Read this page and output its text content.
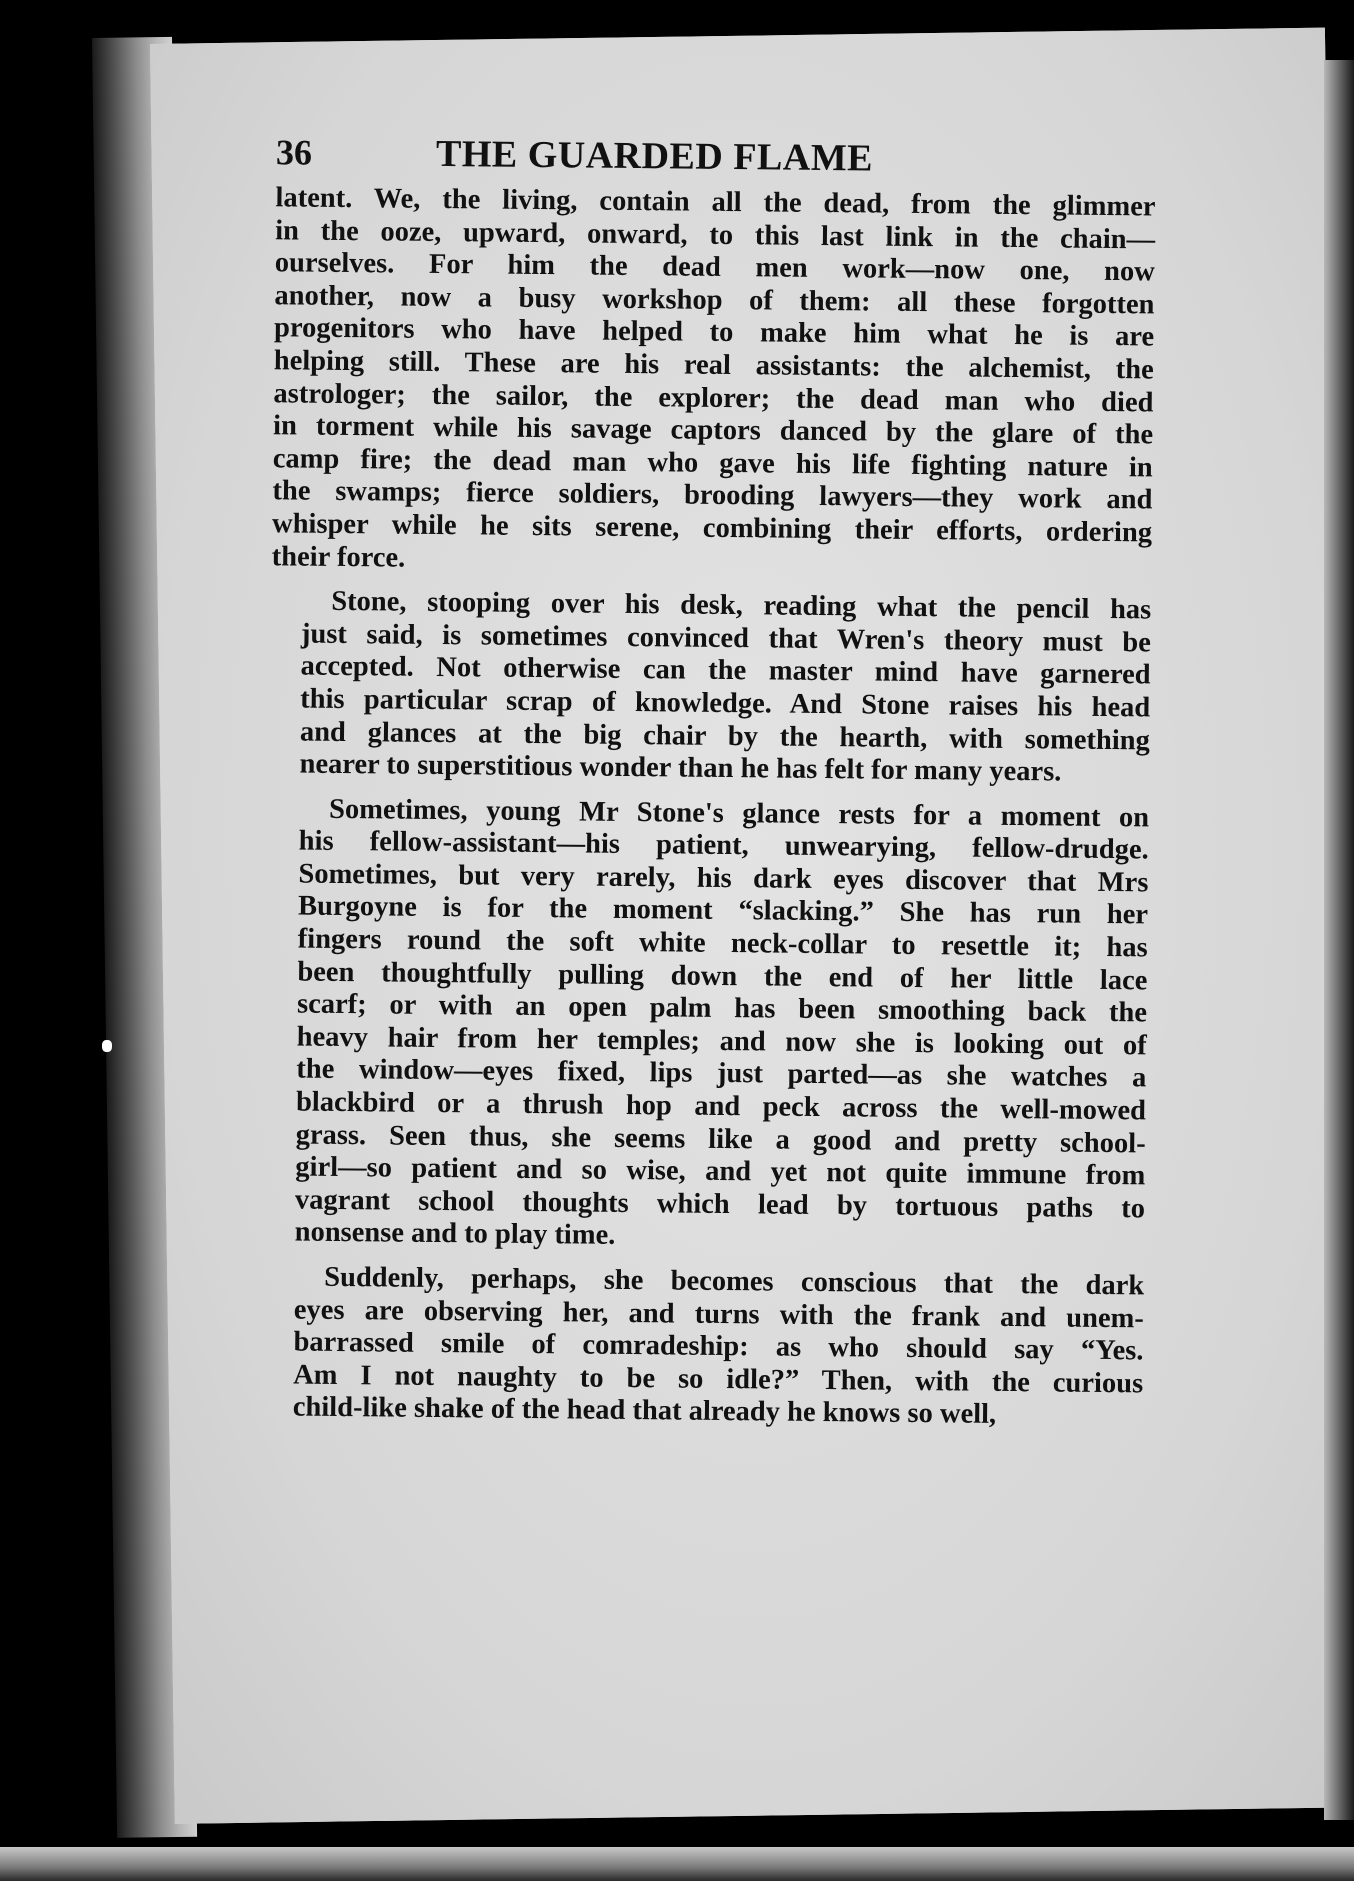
36	THE GUARDED FLAME
latent. We, the living, contain all the dead, from the glimmer
in the ooze, upward, onward, to this last link in the chain—
ourselves. For him the dead men work—now one, now
another, now a busy workshop of them: all these forgotten
progenitors who have helped to make him what he is are
helping still. These are his real assistants: the alchemist, the
astrologer; the sailor, the explorer; the dead man who died
in torment while his savage captors danced by the glare of the
camp fire; the dead man who gave his life fighting nature in
the swamps; fierce soldiers, brooding lawyers—they work and
whisper while he sits serene, combining their efforts, ordering
their force.
Stone, stooping over his desk, reading what the pencil has
just said, is sometimes convinced that Wren's theory must be
accepted. Not otherwise can the master mind have garnered
this particular scrap of knowledge. And Stone raises his head
and glances at the big chair by the hearth, with something
nearer to superstitious wonder than he has felt for many years.
Sometimes, young Mr Stone's glance rests for a moment on
his fellow-assistant—his patient, unwearying, fellow-drudge.
Sometimes, but very rarely, his dark eyes discover that Mrs
Burgoyne is for the moment “slacking.” She has run her
fingers round the soft white neck-collar to resettle it; has
been thoughtfully pulling down the end of her little lace
scarf; or with an open palm has been smoothing back the
heavy hair from her temples; and now she is looking out of
the window—eyes fixed, lips just parted—as she watches a
blackbird or a thrush hop and peck across the well-mowed
grass. Seen thus, she seems like a good and pretty school-
girl—so patient and so wise, and yet not quite immune from
vagrant school thoughts which lead by tortuous paths to
nonsense and to play time.
Suddenly, perhaps, she becomes conscious that the dark
eyes are observing her, and turns with the frank and unem-
barrassed smile of comradeship: as who should say “Yes.
Am I not naughty to be so idle?” Then, with the curious
child-like shake of the head that already he knows so well,
